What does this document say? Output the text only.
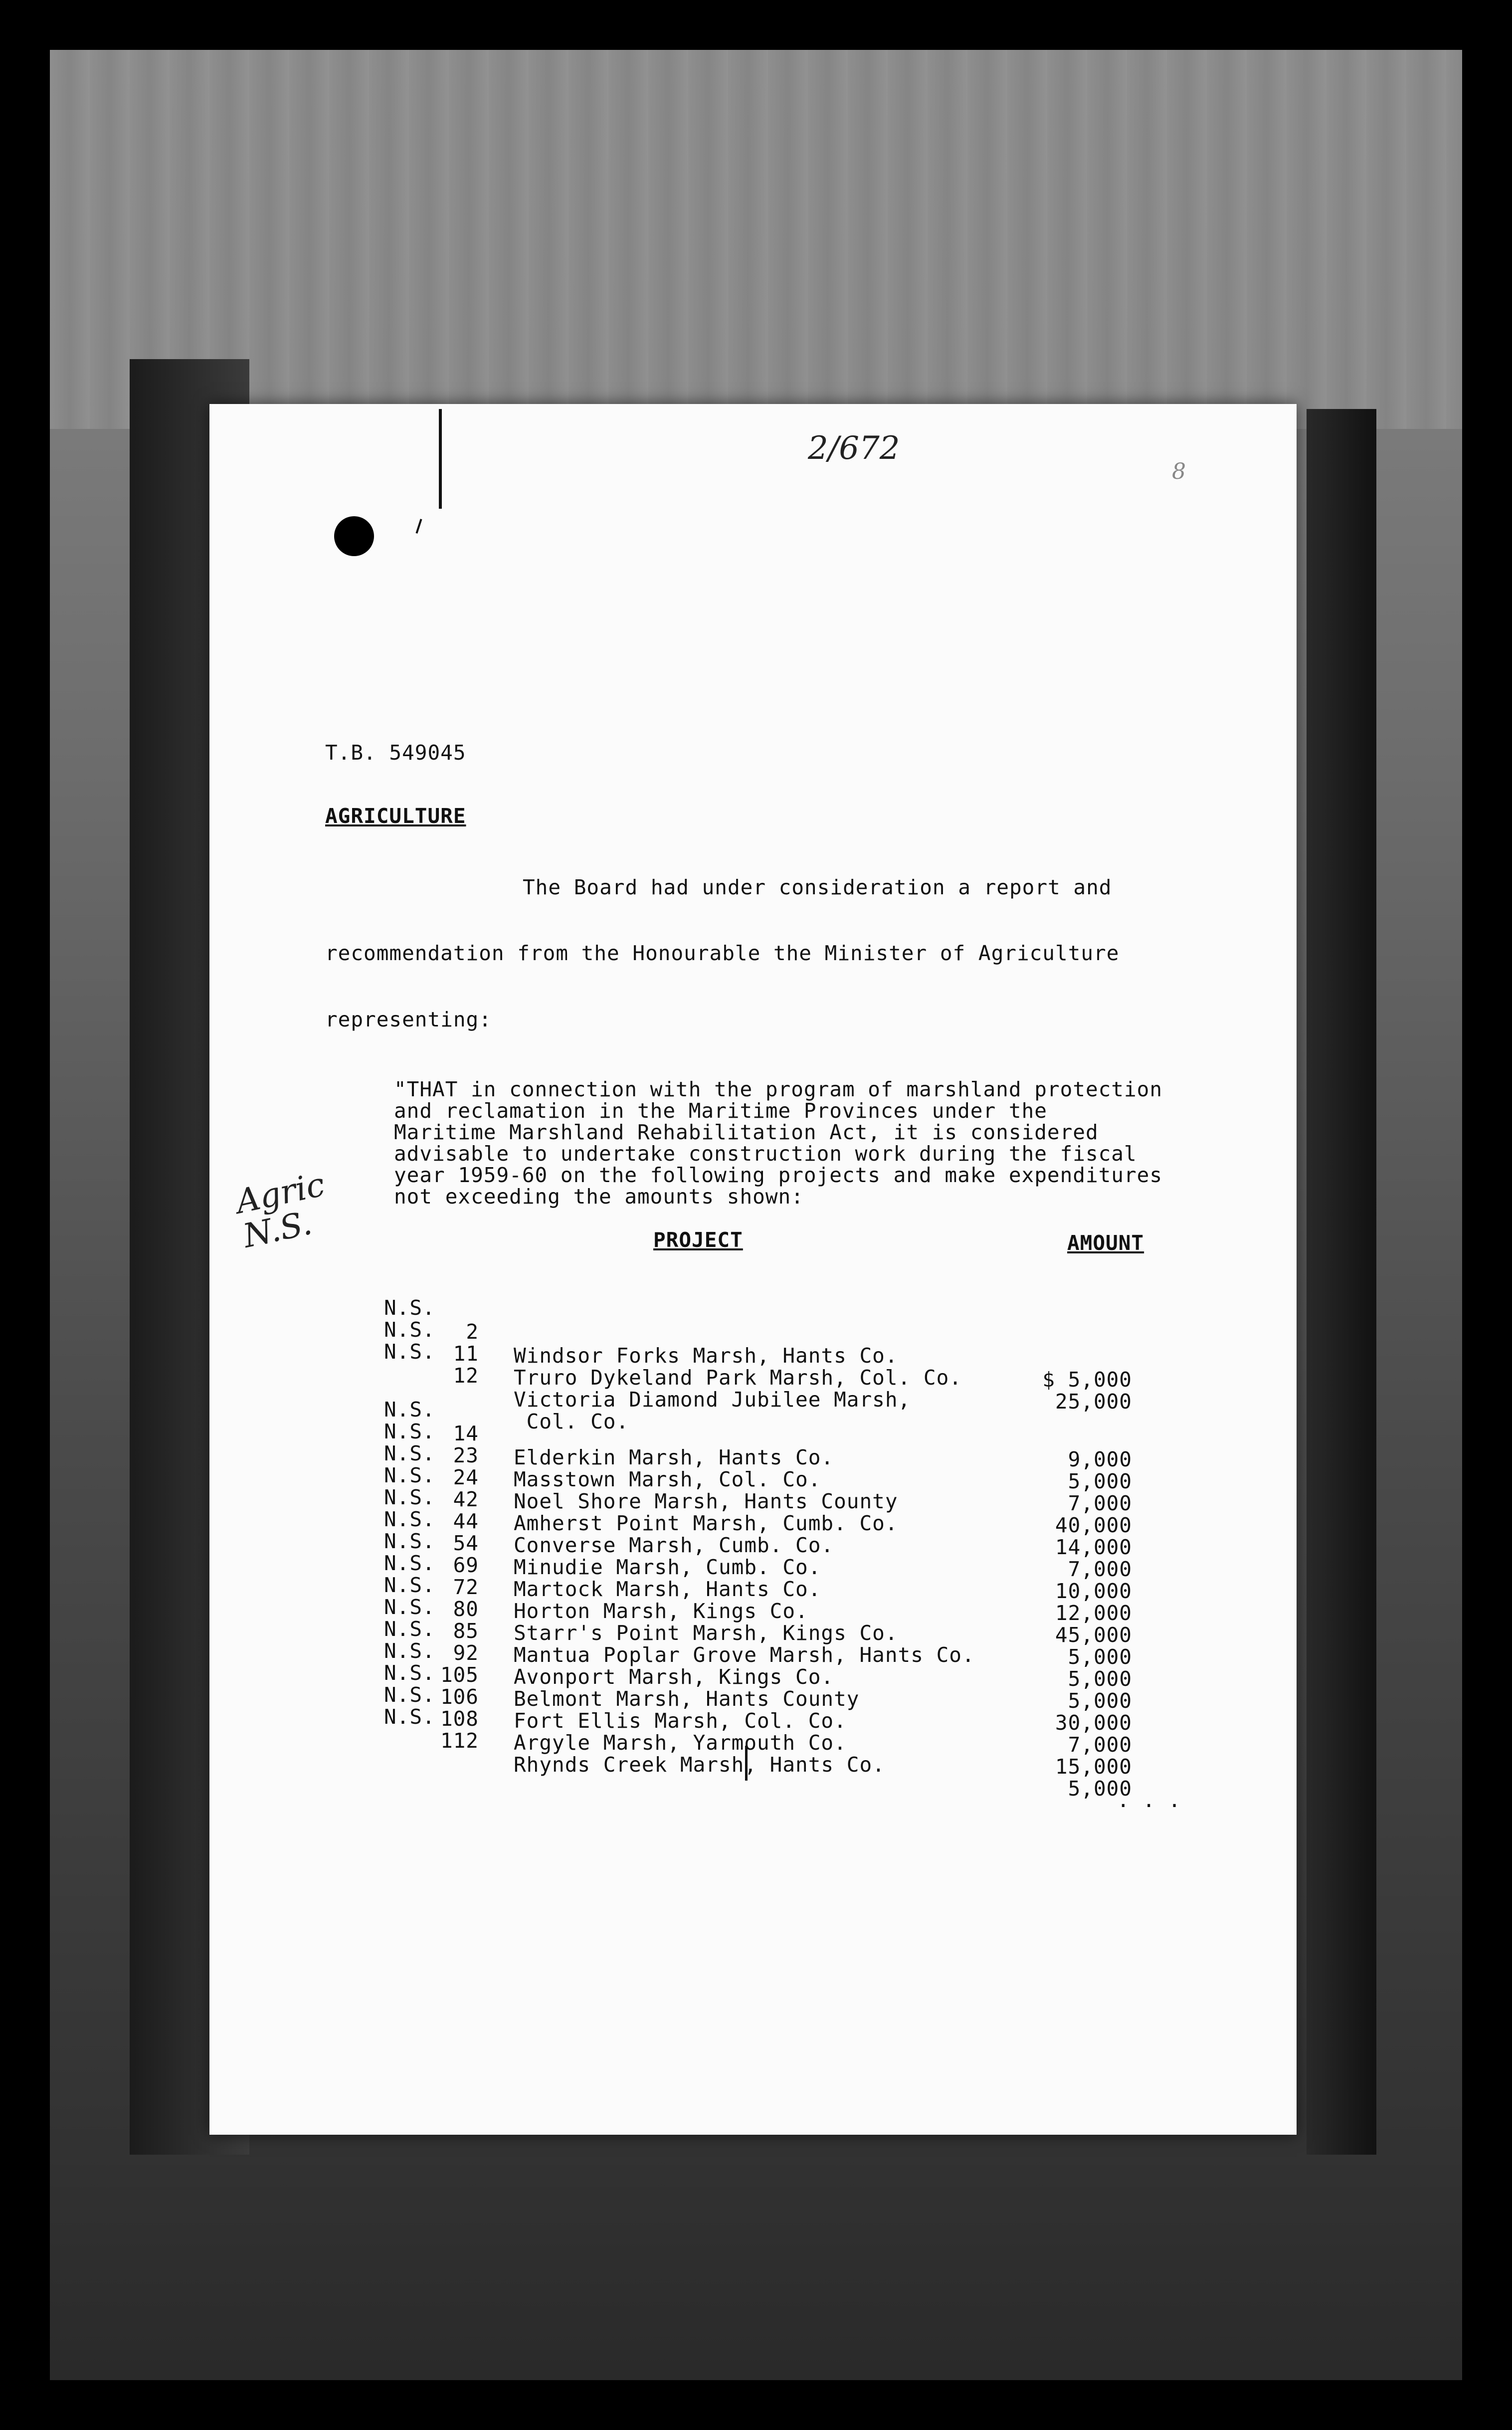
2/672
8
Agric N.S.
T.B. 549045
AGRICULTURE
The Board had under consideration a report and
recommendation from the Honourable the Minister of Agriculture
representing:
"THAT in connection with the program of marshland protection
and reclamation in the Maritime Provinces under the
Maritime Marshland Rehabilitation Act, it is considered
advisable to undertake construction work during the fiscal
year 1959-60 on the following projects and make expenditures
not exceeding the amounts shown:
PROJECT	AMOUNT

N.S.

2

Windsor Forks Marsh, Hants Co.

$ 5,000

N.S.

11

Truro Dykeland Park Marsh, Col. Co.

25,000

N.S.

12

Victoria Diamond Jubilee Marsh,

Col. Co.

9,000

N.S.

14

Elderkin Marsh, Hants Co.

5,000

N.S.

23

Masstown Marsh, Col. Co.

7,000

N.S.

24

Noel Shore Marsh, Hants County

40,000

N.S.

42

Amherst Point Marsh, Cumb. Co.

14,000

N.S.

44

Converse Marsh, Cumb. Co.

7,000

N.S.

54

Minudie Marsh, Cumb. Co.

10,000

N.S.

69

Martock Marsh, Hants Co.

12,000

N.S.

72

Horton Marsh, Kings Co.

45,000

N.S.

80

Starr's Point Marsh, Kings Co.

5,000

N.S.

85

Mantua Poplar Grove Marsh, Hants Co.

5,000

N.S.

92

Avonport Marsh, Kings Co.

5,000

N.S.

105

Belmont Marsh, Hants County

30,000

N.S.

106

Fort Ellis Marsh, Col. Co.

7,000

N.S.

108

Argyle Marsh, Yarmouth Co.

15,000

N.S.

112

Rhynds Creek Marsh, Hants Co.

5,000

. . .
